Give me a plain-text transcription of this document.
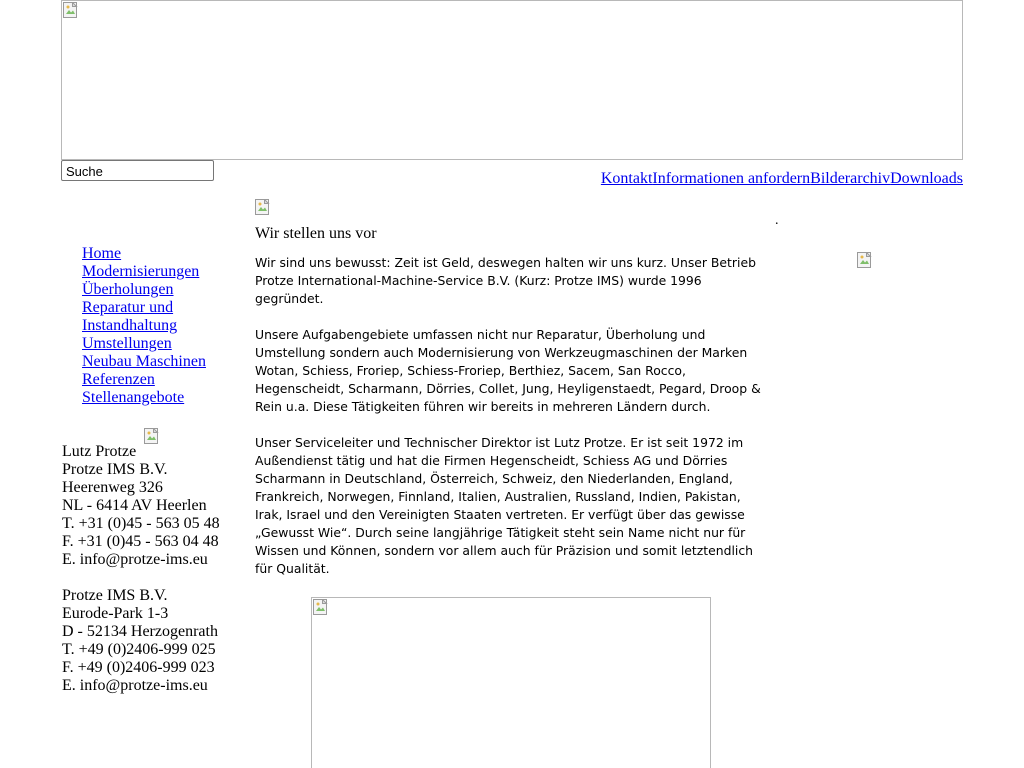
Suche
KontaktInformationen anfordernBilderarchivDownloads
Home
Modernisierungen
Überholungen
Reparatur und
Instandhaltung
Umstellungen
Neubau Maschinen
Referenzen
Stellenangebote
Lutz Protze
Protze IMS B.V.
Heerenweg 326
NL - 6414 AV Heerlen
T. +31 (0)45 - 563 05 48
F. +31 (0)45 - 563 04 48
E. info@protze-ims.eu
Protze IMS B.V.
Eurode-Park 1-3
D - 52134 Herzogenrath
T. +49 (0)2406-999 025
F. +49 (0)2406-999 023
E. info@protze-ims.eu
Wir stellen uns vor

Wir sind uns bewusst: Zeit ist Geld, deswegen halten wir uns kurz. Unser Betrieb Protze International-Machine-Service B.V. (Kurz: Protze IMS) wurde 1996 gegründet.

Unsere Aufgabengebiete umfassen nicht nur Reparatur, Überholung und Umstellung sondern auch Modernisierung von Werkzeugmaschinen der Marken Wotan, Schiess, Froriep, Schiess-Froriep, Berthiez, Sacem, San Rocco, Hegenscheidt, Scharmann, Dörries, Collet, Jung, Heyligenstaedt, Pegard, Droop & Rein u.a. Diese Tätigkeiten führen wir bereits in mehreren Ländern durch.

Unser Serviceleiter und Technischer Direktor ist Lutz Protze. Er ist seit 1972 im Außendienst tätig und hat die Firmen Hegenscheidt, Schiess AG und Dörries Scharmann in Deutschland, Österreich, Schweiz, den Niederlanden, England, Frankreich, Norwegen, Finnland, Italien, Australien, Russland, Indien, Pakistan, Irak, Israel und den Vereinigten Staaten vertreten. Er verfügt über das gewisse „Gewusst Wie“. Durch seine langjährige Tätigkeit steht sein Name nicht nur für Wissen und Können, sondern vor allem auch für Präzision und somit letztendlich für Qualität.

.
